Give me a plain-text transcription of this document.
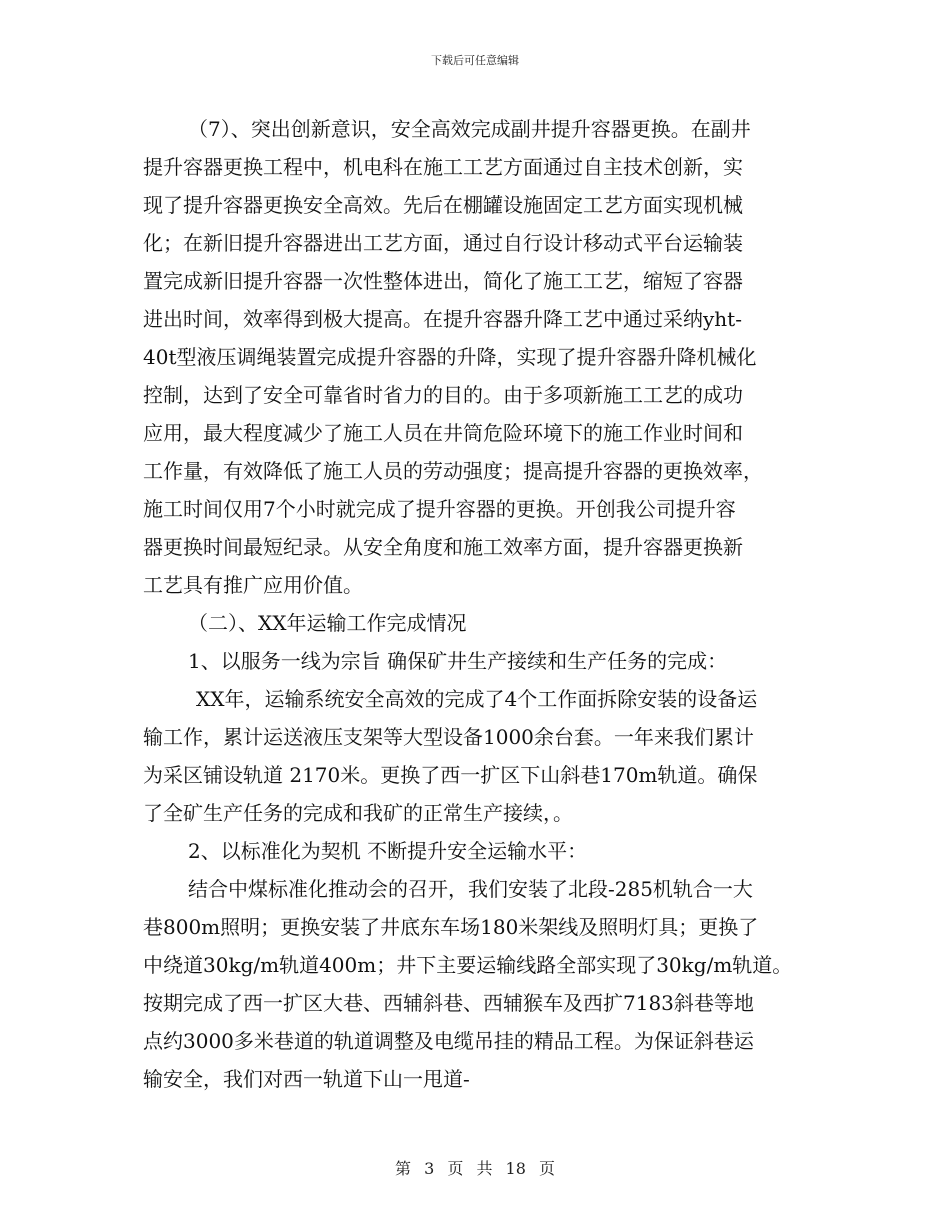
下载后可任意编辑
（7）、突出创新意识，安全高效完成副井提升容器更换。在副井
提升容器更换工程中，机电科在施工工艺方面通过自主技术创新，实
现了提升容器更换安全高效。先后在棚罐设施固定工艺方面实现机械
化；在新旧提升容器进出工艺方面，通过自行设计移动式平台运输装
置完成新旧提升容器一次性整体进出，简化了施工工艺，缩短了容器
进出时间，效率得到极大提高。在提升容器升降工艺中通过采纳yht-
40t型液压调绳装置完成提升容器的升降，实现了提升容器升降机械化
控制，达到了安全可靠省时省力的目的。由于多项新施工工艺的成功
应用，最大程度减少了施工人员在井筒危险环境下的施工作业时间和
工作量，有效降低了施工人员的劳动强度；提高提升容器的更换效率，
施工时间仅用7个小时就完成了提升容器的更换。开创我公司提升容
器更换时间最短纪录。从安全角度和施工效率方面，提升容器更换新
工艺具有推广应用价值。
（二）、XX年运输工作完成情况
1、以服务一线为宗旨 确保矿井生产接续和生产任务的完成：
XX年，运输系统安全高效的完成了4个工作面拆除安装的设备运
输工作，累计运送液压支架等大型设备1000余台套。一年来我们累计
为采区铺设轨道 2170米。更换了西一扩区下山斜巷170m轨道。确保
了全矿生产任务的完成和我矿的正常生产接续，。
2、以标准化为契机 不断提升安全运输水平：
结合中煤标准化推动会的召开，我们安装了北段-285机轨合一大
巷800m照明；更换安装了井底东车场180米架线及照明灯具；更换了
中绕道30kg/m轨道400m；井下主要运输线路全部实现了30kg/m轨道。
按期完成了西一扩区大巷、西辅斜巷、西辅猴车及西扩7183斜巷等地
点约3000多米巷道的轨道调整及电缆吊挂的精品工程。为保证斜巷运
输安全，我们对西一轨道下山一甩道-
第 3 页 共 18 页
